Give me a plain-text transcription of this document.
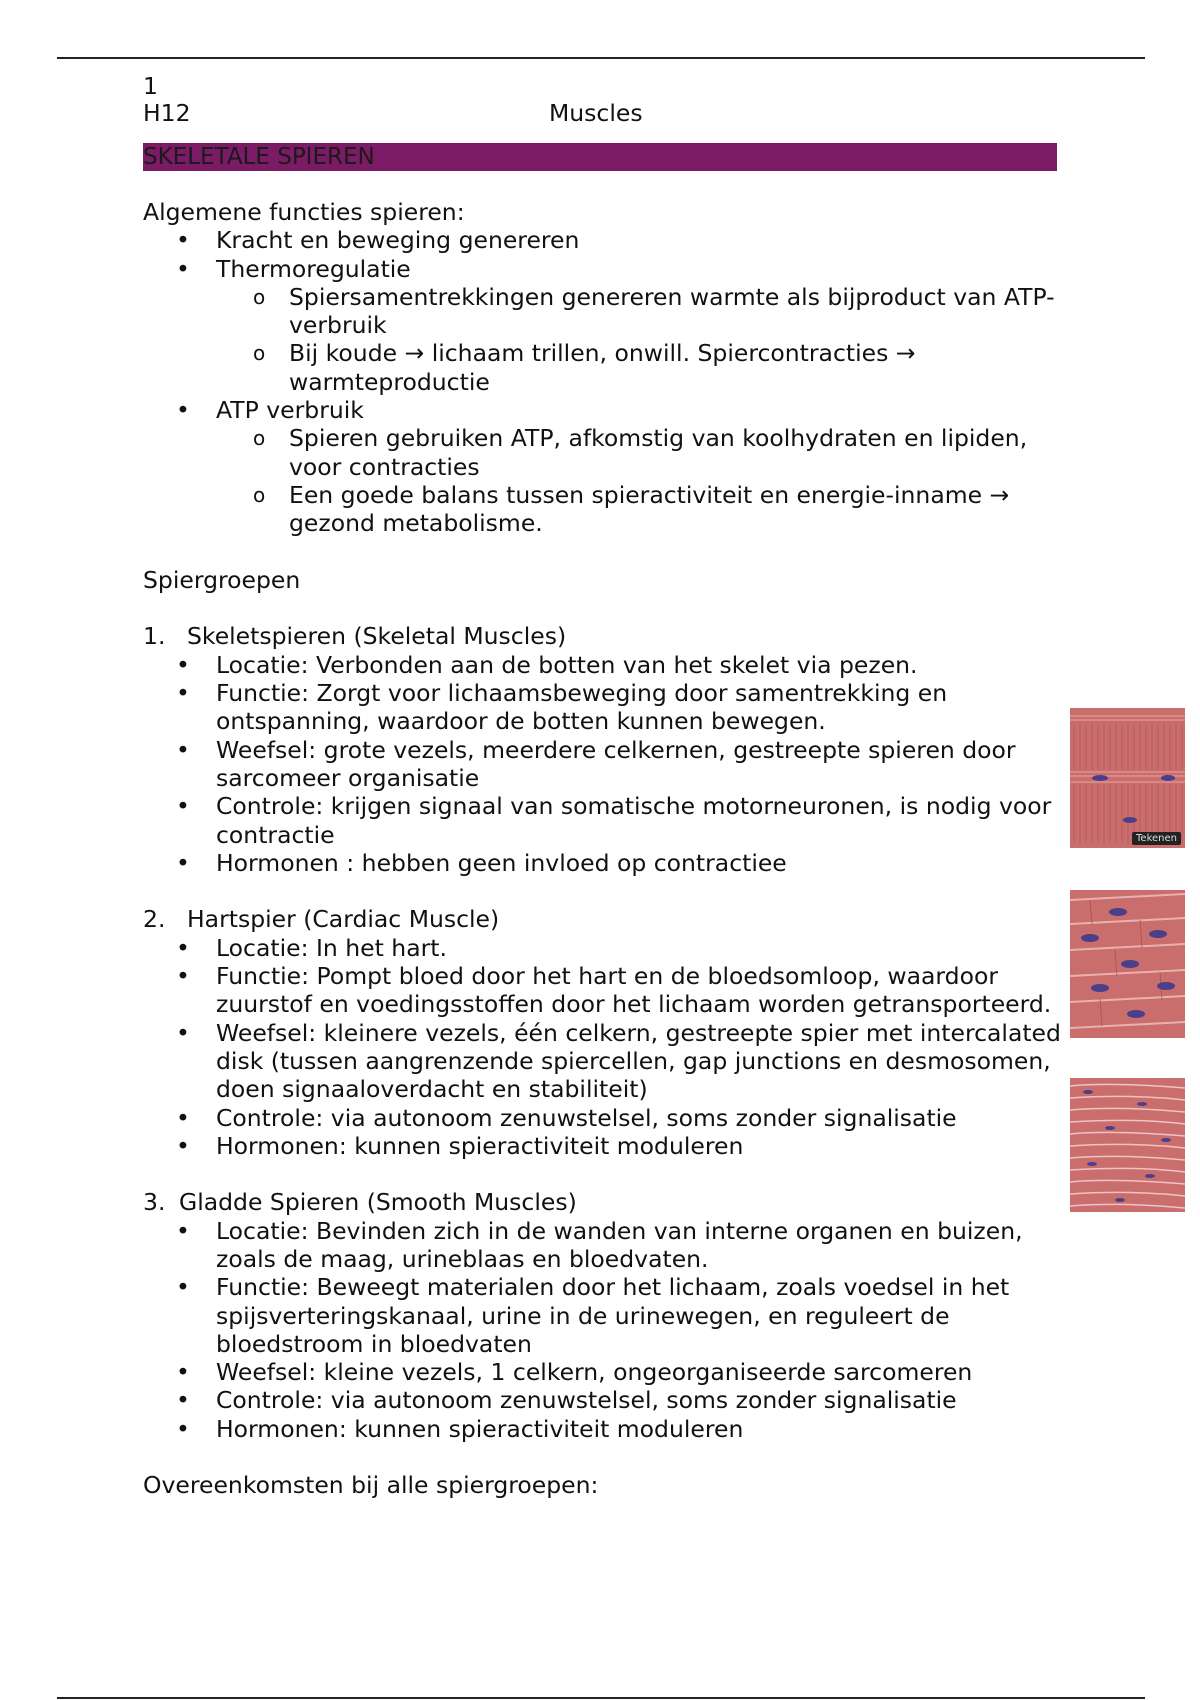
1
H12	Muscles
SKELETALE SPIEREN

Algemene functies spieren:

• Kracht en beweging genereren
• Thermoregulatie
o Spiersamentrekkingen genereren warmte als bijproduct van ATP-verbruik
o Bij koude → lichaam trillen, onwill. Spiercontracties → warmteproductie
• ATP verbruik
o Spieren gebruiken ATP, afkomstig van koolhydraten en lipiden, voor contracties
o Een goede balans tussen spieractiviteit en energie-inname → gezond metabolisme.

Spiergroepen

1. Skeletspieren (Skeletal Muscles)
• Locatie: Verbonden aan de botten van het skelet via pezen.
• Functie: Zorgt voor lichaamsbeweging door samentrekking en ontspanning, waardoor de botten kunnen bewegen.
• Weefsel: grote vezels, meerdere celkernen, gestreepte spieren door sarcomeer organisatie
• Controle: krijgen signaal van somatische motorneuronen, is nodig voor contractie
• Hormonen : hebben geen invloed op contractiee
2. Hartspier (Cardiac Muscle)
• Locatie: In het hart.
• Functie: Pompt bloed door het hart en de bloedsomloop, waardoor zuurstof en voedingsstoffen door het lichaam worden getransporteerd.
• Weefsel: kleinere vezels, één celkern, gestreepte spier met intercalated disk (tussen aangrenzende spiercellen, gap junctions en desmosomen, doen signaaloverdacht en stabiliteit)
• Controle: via autonoom zenuwstelsel, soms zonder signalisatie
• Hormonen: kunnen spieractiviteit moduleren
3. Gladde Spieren (Smooth Muscles)
• Locatie: Bevinden zich in de wanden van interne organen en buizen, zoals de maag, urineblaas en bloedvaten.
• Functie: Beweegt materialen door het lichaam, zoals voedsel in het spijsverteringskanaal, urine in de urinewegen, en reguleert de bloedstroom in bloedvaten
• Weefsel: kleine vezels, 1 celkern, ongeorganiseerde sarcomeren
• Controle: via autonoom zenuwstelsel, soms zonder signalisatie
• Hormonen: kunnen spieractiviteit moduleren

Overeenkomsten bij alle spiergroepen:

Tekenen
